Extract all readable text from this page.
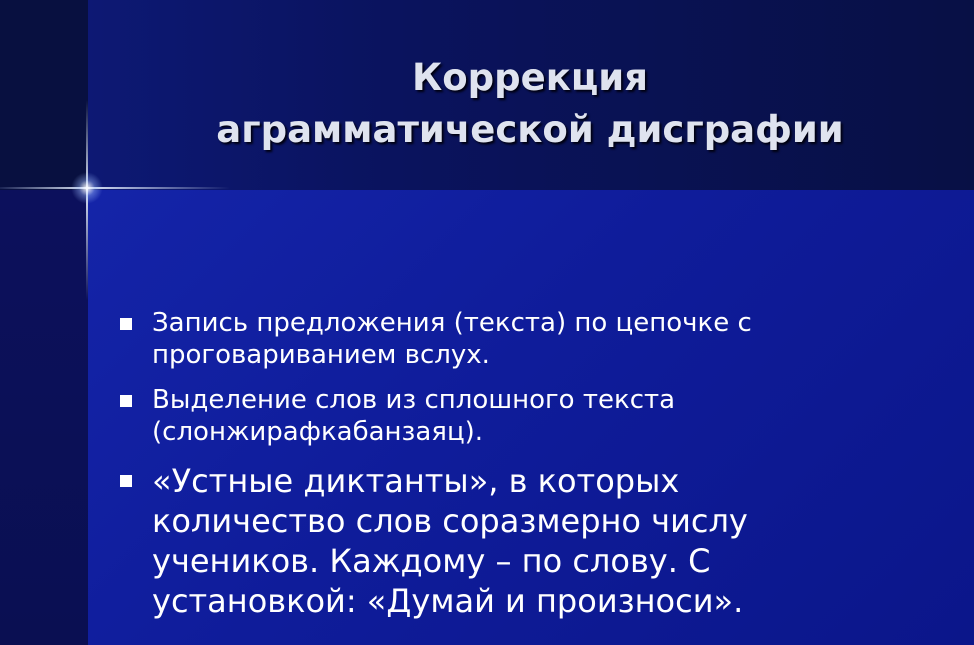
Коррекция
аграмматической дисграфии
Запись предложения (текста) по цепочке с
проговариванием вслух.
Выделение слов из сплошного текста
(слонжирафкабанзаяц).
«Устные диктанты», в которых
количество слов соразмерно числу
учеников. Каждому – по слову. С
установкой: «Думай и произноси».
